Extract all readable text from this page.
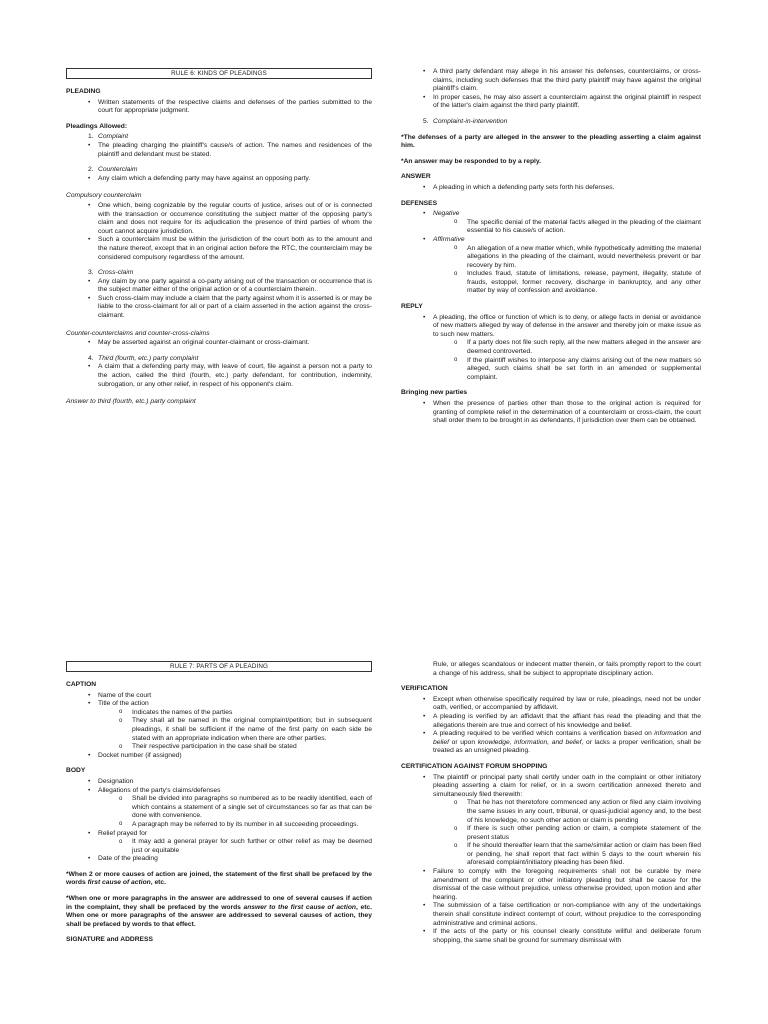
RULE 6: KINDS OF PLEADINGS
PLEADING
• Written statements of the respective claims and defenses of the parties submitted to the court for appropriate judgment.
Pleadings Allowed:
1. Complaint
• The pleading charging the plaintiff's cause/s of action. The names and residences of the plaintiff and defendant must be stated.
2. Counterclaim
• Any claim which a defending party may have against an opposing party.
Compulsory counterclaim
• One which, being cognizable by the regular courts of justice, arises out of or is connected with the transaction or occurrence constituting the subject matter of the opposing party's claim and does not require for its adjudication the presence of third parties of whom the court cannot acquire jurisdiction.
• Such a counterclaim must be within the jurisdiction of the court both as to the amount and the nature thereof, except that in an original action before the RTC, the counterclaim may be considered compulsory regardless of the amount.
3. Cross-claim
• Any claim by one party against a co-party arising out of the transaction or occurrence that is the subject matter either of the original action or of a counterclaim therein.
• Such cross-claim may include a claim that the party against whom it is asserted is or may be liable to the cross-claimant for all or part of a claim asserted in the action against the cross-claimant.
Counter-counterclaims and counter-cross-claims
• May be asserted against an original counter-claimant or cross-claimant.
4. Third (fourth, etc.) party complaint
• A claim that a defending party may, with leave of court, file against a person not a party to the action, called the third (fourth, etc.) party defendant, for contribution, indemnity, subrogation, or any other relief, in respect of his opponent's claim.
Answer to third (fourth, etc.) party complaint
• A third party defendant may allege in his answer his defenses, counterclaims, or cross-claims, including such defenses that the third party plaintiff may have against the original plaintiff's claim.
• In proper cases, he may also assert a counterclaim against the original plaintiff in respect of the latter's claim against the third party plaintiff.
5. Complaint-in-intervention
*The defenses of a party are alleged in the answer to the pleading asserting a claim against him.
*An answer may be responded to by a reply.
ANSWER
• A pleading in which a defending party sets forth his defenses.
DEFENSES
• Negative
o The specific denial of the material fact/s alleged in the pleading of the claimant essential to his cause/s of action.
• Affirmative
o An allegation of a new matter which, while hypothetically admitting the material allegations in the pleading of the claimant, would nevertheless prevent or bar recovery by him.
o Includes fraud, statute of limitations, release, payment, illegality, statute of frauds, estoppel, former recovery, discharge in bankruptcy, and any other matter by way of confession and avoidance.
REPLY
• A pleading, the office or function of which is to deny, or allege facts in denial or avoidance of new matters alleged by way of defense in the answer and thereby join or make issue as to such new matters.
o If a party does not file such reply, all the new matters alleged in the answer are deemed controverted.
o If the plaintiff wishes to interpose any claims arising out of the new matters so alleged, such claims shall be set forth in an amended or supplemental complaint.
Bringing new parties
• When the presence of parties other than those to the original action is required for granting of complete relief in the determination of a counterclaim or cross-claim, the court shall order them to be brought in as defendants, if jurisdiction over them can be obtained.
RULE 7: PARTS OF A PLEADING
CAPTION
• Name of the court
• Title of the action
o Indicates the names of the parties
o They shall all be named in the original complaint/petition; but in subsequent pleadings, it shall be sufficient if the name of the first party on each side be stated with an appropriate indication when there are other parties.
o Their respective participation in the case shall be stated
• Docket number (if assigned)
BODY
• Designation
• Allegations of the party's claims/defenses
o Shall be divided into paragraphs so numbered as to be readily identified, each of which contains a statement of a single set of circumstances so far as that can be done with convenience.
o A paragraph may be referred to by its number in all succeeding proceedings.
• Relief prayed for
o It may add a general prayer for such further or other relief as may be deemed just or equitable
• Date of the pleading
*When 2 or more causes of action are joined, the statement of the first shall be prefaced by the words first cause of action, etc.
*When one or more paragraphs in the answer are addressed to one of several causes if action in the complaint, they shall be prefaced by the words answer to the first cause of action, etc. When one or more paragraphs of the answer are addressed to several causes of action, they shall be prefaced by words to that effect.
SIGNATURE and ADDRESS
Rule, or alleges scandalous or indecent matter therein, or fails promptly report to the court a change of his address, shall be subject to appropriate disciplinary action.
VERIFICATION
• Except when otherwise specifically required by law or rule, pleadings, need not be under oath, verified, or accompanied by affidavit.
• A pleading is verified by an affidavit that the affiant has read the pleading and that the allegations therein are true and correct of his knowledge and belief.
• A pleading required to be verified which contains a verification based on information and belief or upon knowledge, information, and belief, or lacks a proper verification, shall be treated as an unsigned pleading.
CERTIFICATION AGAINST FORUM SHOPPING
• The plaintiff or principal party shall certify under oath in the complaint or other initiatory pleading asserting a claim for relief, or in a sworn certification annexed thereto and simultaneously filed therewith:
o That he has not theretofore commenced any action or filed any claim involving the same issues in any court, tribunal, or quasi-judicial agency and, to the best of his knowledge, no such other action or claim is pending
o If there is such other pending action or claim, a complete statement of the present status
o If he should thereafter learn that the same/similar action or claim has been filed or pending, he shall report that fact within 5 days to the court wherein his aforesaid complaint/initiatory pleading has been filed.
• Failure to comply with the foregoing requirements shall not be curable by mere amendment of the complaint or other initiatory pleading but shall be cause for the dismissal of the case without prejudice, unless otherwise provided, upon motion and after hearing.
• The submission of a false certification or non-compliance with any of the undertakings therein shall constitute indirect contempt of court, without prejudice to the corresponding administrative and criminal actions.
• If the acts of the party or his counsel clearly constitute willful and deliberate forum shopping, the same shall be ground for summary dismissal with
